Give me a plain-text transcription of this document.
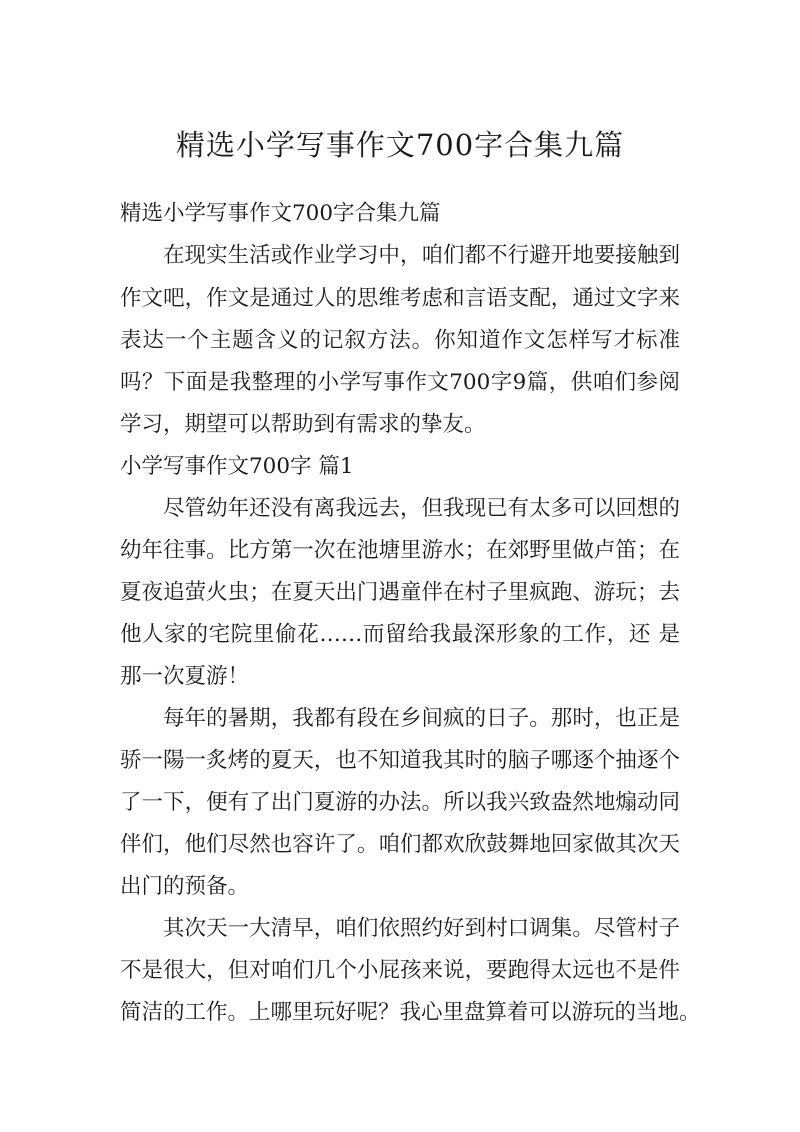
精选小学写事作文700字合集九篇

精选小学写事作文700字合集九篇

在现实生活或作业学习中，咱们都不行避开地要接触到

作文吧，作文是通过人的思维考虑和言语支配，通过文字来

表达一个主题含义的记叙方法。你知道作文怎样写才标准

吗？下面是我整理的小学写事作文700字9篇，供咱们参阅

学习，期望可以帮助到有需求的挚友。

小学写事作文700字 篇1

尽管幼年还没有离我远去，但我现已有太多可以回想的

幼年往事。比方第一次在池塘里游水；在郊野里做卢笛；在

夏夜追萤火虫；在夏天出门遇童伴在村子里疯跑、游玩；去

他人家的宅院里偷花……而留给我最深形象的工作，还 是

那一次夏游！

每年的暑期，我都有段在乡间疯的日子。那时，也正是

骄一陽一炙烤的夏天，也不知道我其时的脑子哪逐个抽逐个

了一下，便有了出门夏游的办法。所以我兴致盎然地煽动同

伴们，他们尽然也容许了。咱们都欢欣鼓舞地回家做其次天

出门的预备。

其次天一大清早，咱们依照约好到村口调集。尽管村子

不是很大，但对咱们几个小屁孩来说，要跑得太远也不是件

简洁的工作。上哪里玩好呢？我心里盘算着可以游玩的当地。
